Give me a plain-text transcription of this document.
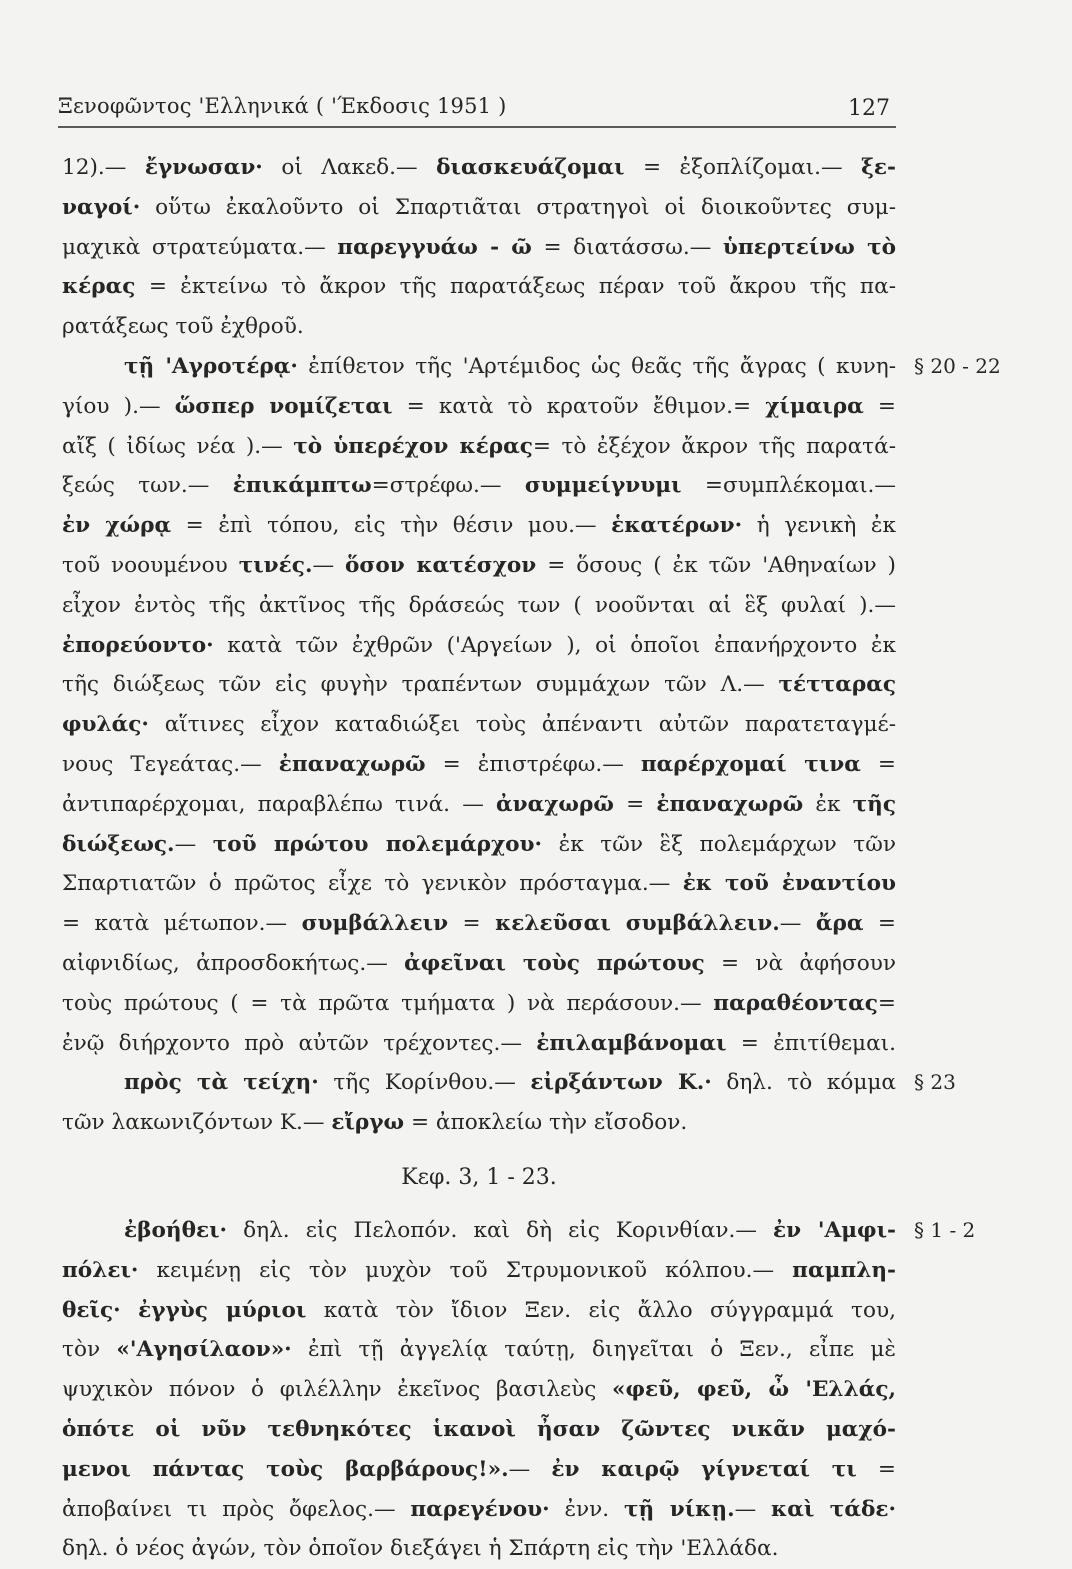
Ξενοφῶντος 'Ελληνικά ( 'Έκδοσις 1951 )	127
12).— ἔγνωσαν· οἱ Λακεδ.— διασκευάζομαι = ἐξοπλίζομαι.— ξε-
ναγοί· οὕτω ἐκαλοῦντο οἱ Σπαρτιᾶται στρατηγοὶ οἱ διοικοῦντες συμ-
μαχικὰ στρατεύματα.— παρεγγυάω - ῶ = διατάσσω.— ὑπερτείνω τὸ
κέρας = ἐκτείνω τὸ ἄκρον τῆς παρατάξεως πέραν τοῦ ἄκρου τῆς πα-
ρατάξεως τοῦ ἐχθροῦ.
τῇ 'Αγροτέρᾳ· ἐπίθετον τῆς 'Αρτέμιδος ὡς θεᾶς τῆς ἄγρας ( κυνη- § 20 - 22
γίου ).— ὥσπερ νομίζεται = κατὰ τὸ κρατοῦν ἔθιμον.= χίμαιρα =
αἴξ ( ἰδίως νέα ).— τὸ ὑπερέχον κέρας= τὸ ἐξέχον ἄκρον τῆς παρατά-
ξεώς των.— ἐπικάμπτω=στρέφω.— συμμείγνυμι =συμπλέκομαι.—
ἐν χώρᾳ = ἐπὶ τόπου, εἰς τὴν θέσιν μου.— ἑκατέρων· ἡ γενικὴ ἐκ
τοῦ νοουμένου τινές.— ὅσον κατέσχον = ὅσους ( ἐκ τῶν 'Αθηναίων )
εἶχον ἐντὸς τῆς ἀκτῖνος τῆς δράσεώς των ( νοοῦνται αἱ ἓξ φυλαί ).—
ἐπορεύοντο· κατὰ τῶν ἐχθρῶν ('Αργείων ), οἱ ὁποῖοι ἐπανήρχοντο ἐκ
τῆς διώξεως τῶν εἰς φυγὴν τραπέντων συμμάχων τῶν Λ.— τέτταρας
φυλάς· αἵτινες εἶχον καταδιώξει τοὺς ἀπέναντι αὐτῶν παρατεταγμέ-
νους Τεγεάτας.— ἐπαναχωρῶ = ἐπιστρέφω.— παρέρχομαί τινα =
ἀντιπαρέρχομαι, παραβλέπω τινά. — ἀναχωρῶ = ἐπαναχωρῶ ἐκ τῆς
διώξεως.— τοῦ πρώτου πολεμάρχου· ἐκ τῶν ἓξ πολεμάρχων τῶν
Σπαρτιατῶν ὁ πρῶτος εἶχε τὸ γενικὸν πρόσταγμα.— ἐκ τοῦ ἐναντίου
= κατὰ μέτωπον.— συμβάλλειν = κελεῦσαι συμβάλλειν.— ἄρα =
αἰφνιδίως, ἀπροσδοκήτως.— ἀφεῖναι τοὺς πρώτους = νὰ ἀφήσουν
τοὺς πρώτους ( = τὰ πρῶτα τμήματα ) νὰ περάσουν.— παραθέοντας=
ἐνῷ διήρχοντο πρὸ αὐτῶν τρέχοντες.— ἐπιλαμβάνομαι = ἐπιτίθεμαι.
πρὸς τὰ τείχη· τῆς Κορίνθου.— εἰρξάντων Κ.· δηλ. τὸ κόμμα § 23
τῶν λακωνιζόντων Κ.— εἴργω = ἀποκλείω τὴν εἴσοδον.
Κεφ. 3, 1 - 23.
ἐβοήθει· δηλ. εἰς Πελοπόν. καὶ δὴ εἰς Κορινθίαν.— ἐν 'Αμφι- § 1 - 2
πόλει· κειμένῃ εἰς τὸν μυχὸν τοῦ Στρυμονικοῦ κόλπου.— παμπλη-
θεῖς· ἐγγὺς μύριοι κατὰ τὸν ἴδιον Ξεν. εἰς ἄλλο σύγγραμμά του,
τὸν «'Αγησίλαον»· ἐπὶ τῇ ἀγγελίᾳ ταύτῃ, διηγεῖται ὁ Ξεν., εἶπε μὲ
ψυχικὸν πόνον ὁ φιλέλλην ἐκεῖνος βασιλεὺς «φεῦ, φεῦ, ὦ 'Ελλάς,
ὁπότε οἱ νῦν τεθνηκότες ἱκανοὶ ἦσαν ζῶντες νικᾶν μαχό-
μενοι πάντας τοὺς βαρβάρους!».— ἐν καιρῷ γίγνεταί τι =
ἀποβαίνει τι πρὸς ὄφελος.— παρεγένου· ἐνν. τῇ νίκῃ.— καὶ τάδε·
δηλ. ὁ νέος ἀγών, τὸν ὁποῖον διεξάγει ἡ Σπάρτη εἰς τὴν 'Ελλάδα.
